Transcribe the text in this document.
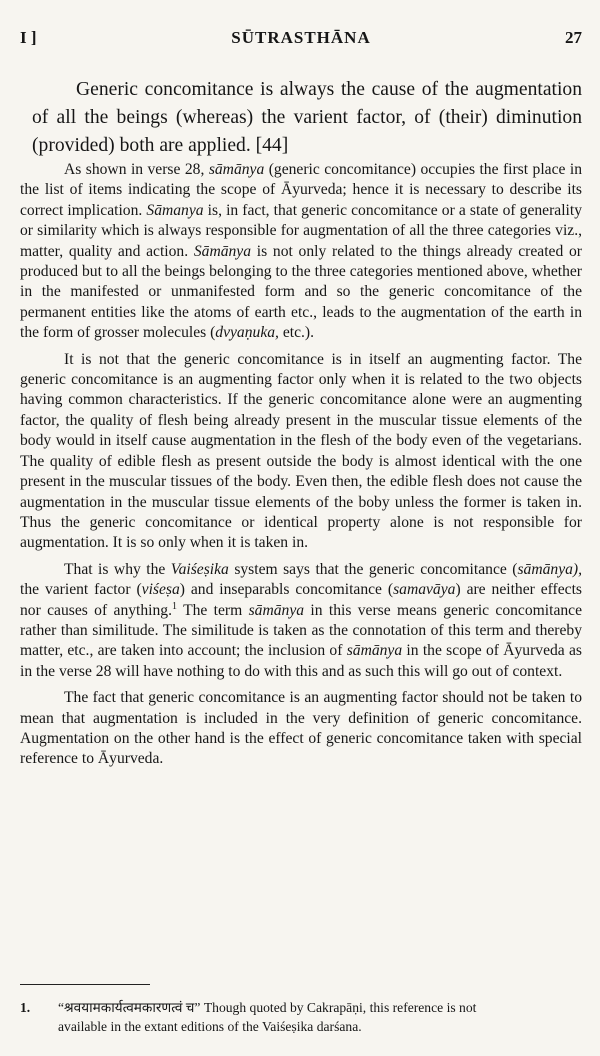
I ]	SŪTRASTHĀNA	27
Generic concomitance is always the cause of the augmentation of all the beings (whereas) the varient factor, of (their) diminution (provided) both are applied. [44]

As shown in verse 28, sāmānya (generic concomitance) occupies the first place in the list of items indicating the scope of Āyurveda; hence it is necessary to describe its correct implication. Sāmanya is, in fact, that generic concomitance or a state of generality or similarity which is always responsible for augmentation of all the three categories viz., matter, quality and action. Sāmānya is not only related to the things already created or produced but to all the beings belonging to the three categories mentioned above, whether in the manifested or unmanifested form and so the generic concomitance of the permanent entities like the atoms of earth etc., leads to the augmentation of the earth in the form of grosser molecules (dvyaṇuka, etc.).

It is not that the generic concomitance is in itself an augmenting factor. The generic concomitance is an augmenting factor only when it is related to the two objects having common characteristics. If the generic concomitance alone were an augmenting factor, the quality of flesh being already present in the muscular tissue elements of the body would in itself cause augmentation in the flesh of the body even of the vegetarians. The quality of edible flesh as present outside the body is almost identical with the one present in the muscular tissues of the body. Even then, the edible flesh does not cause the augmentation in the muscular tissue elements of the boby unless the former is taken in. Thus the generic concomitance or identical property alone is not responsible for augmentation. It is so only when it is taken in.

That is why the Vaiśeṣika system says that the generic concomitance (sāmānya), the varient factor (viśeṣa) and inseparabls concomitance (samavāya) are neither effects nor causes of anything.$^1$ The term sāmānya in this verse means generic concomitance rather than similitude. The similitude is taken as the connotation of this term and thereby matter, etc., are taken into account; the inclusion of sāmānya in the scope of Āyurveda as in the verse 28 will have nothing to do with this and as such this will go out of context.

The fact that generic concomitance is an augmenting factor should not be taken to mean that augmentation is included in the very definition of generic concomitance. Augmentation on the other hand is the effect of generic concomitance taken with special reference to Āyurveda.

1. “श्रवयामकार्यत्वमकारणत्वं च” Though quoted by Cakrapāṇi, this reference is not
available in the extant editions of the Vaiśeṣika darśana.
